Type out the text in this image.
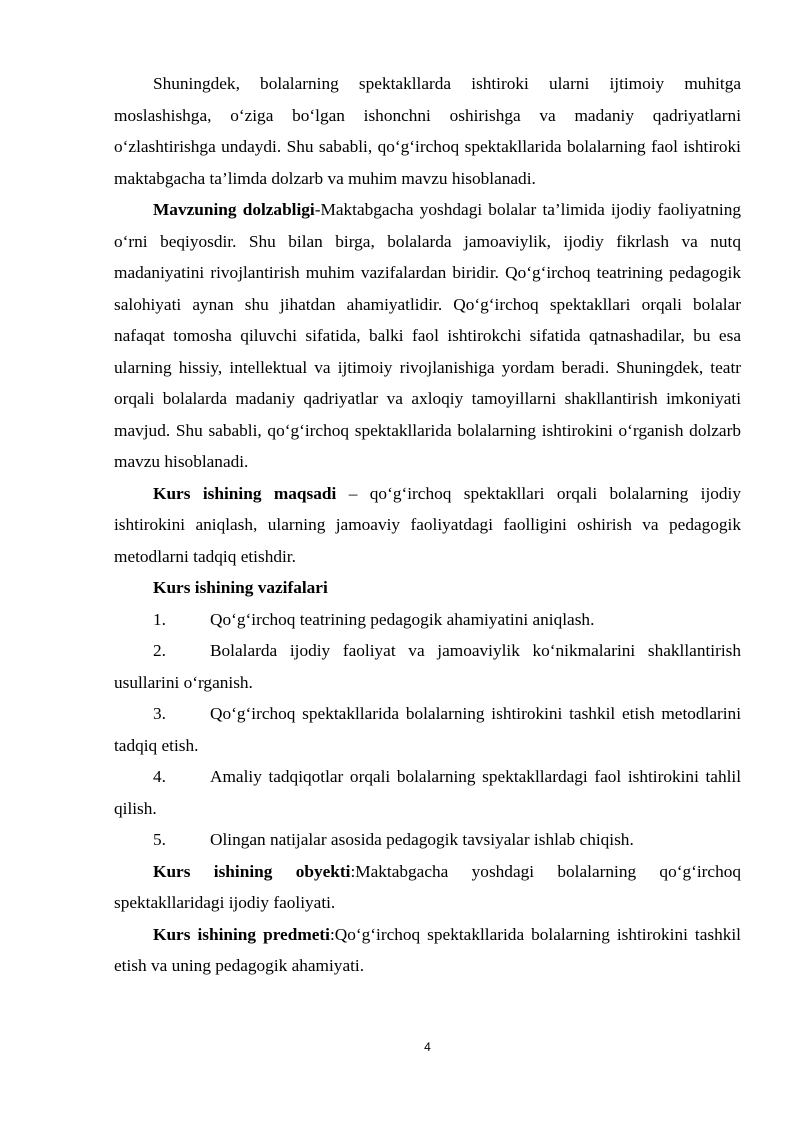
Shuningdek, bolalarning spektakllarda ishtiroki ularni ijtimoiy muhitga moslashishga, o‘ziga bo‘lgan ishonchni oshirishga va madaniy qadriyatlarni o‘zlashtirishga undaydi. Shu sababli, qo‘g‘irchoq spektakllarida bolalarning faol ishtiroki maktabgacha ta’limda dolzarb va muhim mavzu hisoblanadi.

Mavzuning dolzabligi-Maktabgacha yoshdagi bolalar ta’limida ijodiy faoliyatning o‘rni beqiyosdir. Shu bilan birga, bolalarda jamoaviylik, ijodiy fikrlash va nutq madaniyatini rivojlantirish muhim vazifalardan biridir. Qo‘g‘irchoq teatrining pedagogik salohiyati aynan shu jihatdan ahamiyatlidir. Qo‘g‘irchoq spektakllari orqali bolalar nafaqat tomosha qiluvchi sifatida, balki faol ishtirokchi sifatida qatnashadilar, bu esa ularning hissiy, intellektual va ijtimoiy rivojlanishiga yordam beradi. Shuningdek, teatr orqali bolalarda madaniy qadriyatlar va axloqiy tamoyillarni shakllantirish imkoniyati mavjud. Shu sababli, qo‘g‘irchoq spektakllarida bolalarning ishtirokini o‘rganish dolzarb mavzu hisoblanadi.

Kurs ishining maqsadi – qo‘g‘irchoq spektakllari orqali bolalarning ijodiy ishtirokini aniqlash, ularning jamoaviy faoliyatdagi faolligini oshirish va pedagogik metodlarni tadqiq etishdir.

Kurs ishining vazifalari

1.	Qo‘g‘irchoq teatrining pedagogik ahamiyatini aniqlash.

2.	Bolalarda ijodiy faoliyat va jamoaviylik ko‘nikmalarini shakllantirish usullarini o‘rganish.

3.	Qo‘g‘irchoq spektakllarida bolalarning ishtirokini tashkil etish metodlarini tadqiq etish.

4.	Amaliy tadqiqotlar orqali bolalarning spektakllardagi faol ishtirokini tahlil qilish.

5.	Olingan natijalar asosida pedagogik tavsiyalar ishlab chiqish.

Kurs ishining obyekti:Maktabgacha yoshdagi bolalarning qo‘g‘irchoq spektakllaridagi ijodiy faoliyati.

Kurs ishining predmeti:Qo‘g‘irchoq spektakllarida bolalarning ishtirokini tashkil etish va uning pedagogik ahamiyati.

4
